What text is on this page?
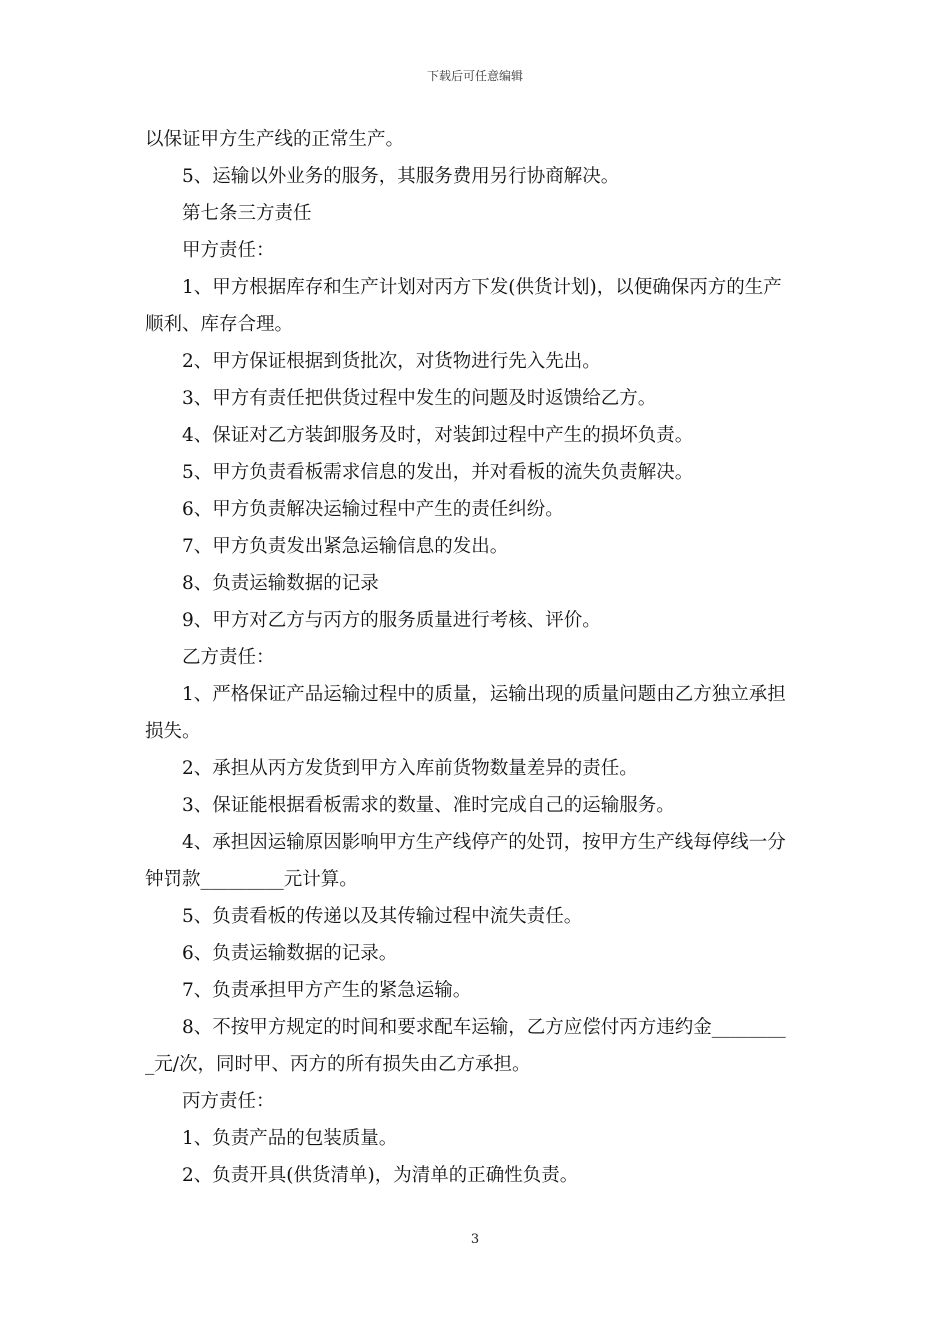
下载后可任意编辑
以保证甲方生产线的正常生产。
5、运输以外业务的服务，其服务费用另行协商解决。
第七条三方责任
甲方责任：
1、甲方根据库存和生产计划对丙方下发(供货计划)，以便确保丙方的生产
顺利、库存合理。
2、甲方保证根据到货批次，对货物进行先入先出。
3、甲方有责任把供货过程中发生的问题及时返馈给乙方。
4、保证对乙方装卸服务及时，对装卸过程中产生的损坏负责。
5、甲方负责看板需求信息的发出，并对看板的流失负责解决。
6、甲方负责解决运输过程中产生的责任纠纷。
7、甲方负责发出紧急运输信息的发出。
8、负责运输数据的记录
9、甲方对乙方与丙方的服务质量进行考核、评价。
乙方责任：
1、严格保证产品运输过程中的质量，运输出现的质量问题由乙方独立承担
损失。
2、承担从丙方发货到甲方入库前货物数量差异的责任。
3、保证能根据看板需求的数量、准时完成自己的运输服务。
4、承担因运输原因影响甲方生产线停产的处罚，按甲方生产线每停线一分
钟罚款_________元计算。
5、负责看板的传递以及其传输过程中流失责任。
6、负责运输数据的记录。
7、负责承担甲方产生的紧急运输。
8、不按甲方规定的时间和要求配车运输，乙方应偿付丙方违约金________
_元/次，同时甲、丙方的所有损失由乙方承担。
丙方责任：
1、负责产品的包装质量。
2、负责开具(供货清单)，为清单的正确性负责。
3
